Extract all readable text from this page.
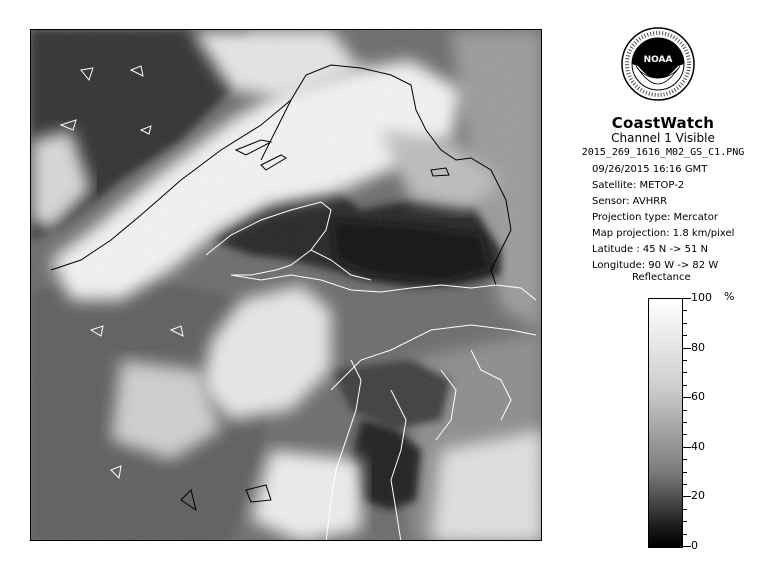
NOAA
CoastWatch
Channel 1 Visible
2015_269_1616_M02_GS_C1.PNG
09/26/2015 16:16 GMT
Satellite: METOP-2
Sensor: AVHRR
Projection type: Mercator
Map projection: 1.8 km/pixel
Latitude : 45 N -> 51 N
Longitude: 90 W -> 82 W
Reflectance
%
0
20
40
60
80
100
